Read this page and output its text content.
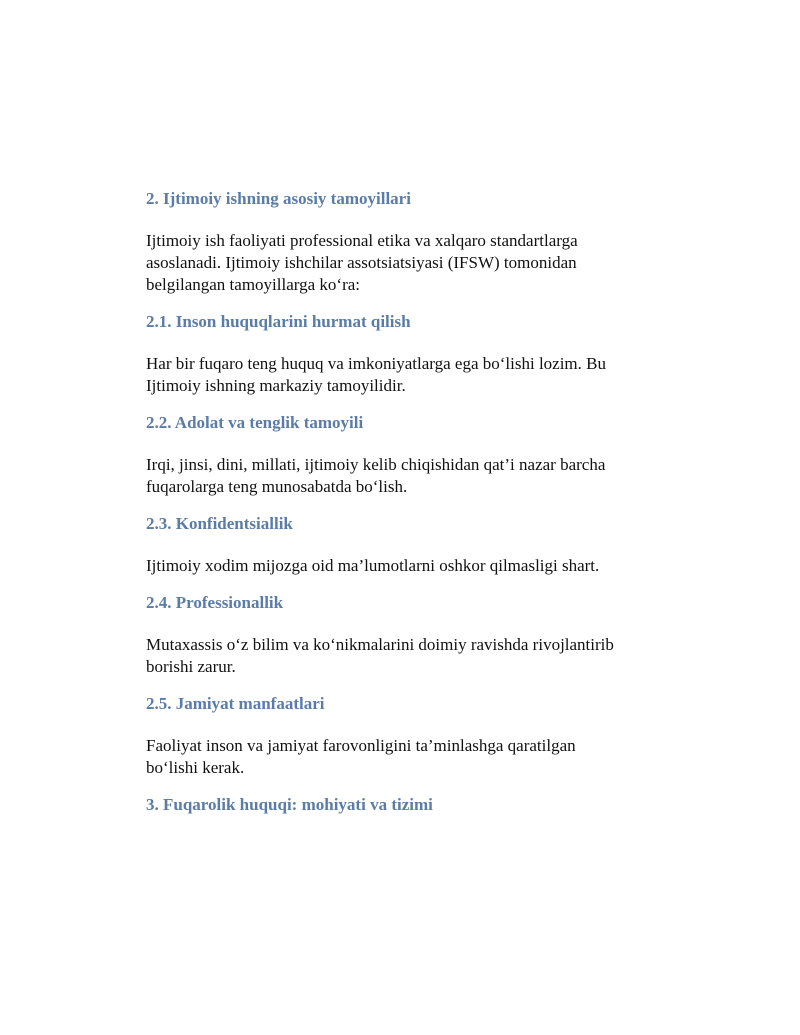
2. Ijtimoiy ishning asosiy tamoyillari

Ijtimoiy ish faoliyati professional etika va xalqaro standartlarga

asoslanadi. Ijtimoiy ishchilar assotsiatsiyasi (IFSW) tomonidan

belgilangan tamoyillarga ko‘ra:

2.1. Inson huquqlarini hurmat qilish

Har bir fuqaro teng huquq va imkoniyatlarga ega bo‘lishi lozim. Bu

Ijtimoiy ishning markaziy tamoyilidir.

2.2. Adolat va tenglik tamoyili

Irqi, jinsi, dini, millati, ijtimoiy kelib chiqishidan qat’i nazar barcha

fuqarolarga teng munosabatda bo‘lish.

2.3. Konfidentsiallik

Ijtimoiy xodim mijozga oid ma’lumotlarni oshkor qilmasligi shart.

2.4. Professionallik

Mutaxassis o‘z bilim va ko‘nikmalarini doimiy ravishda rivojlantirib

borishi zarur.

2.5. Jamiyat manfaatlari

Faoliyat inson va jamiyat farovonligini ta’minlashga qaratilgan

bo‘lishi kerak.

3. Fuqarolik huquqi: mohiyati va tizimi
